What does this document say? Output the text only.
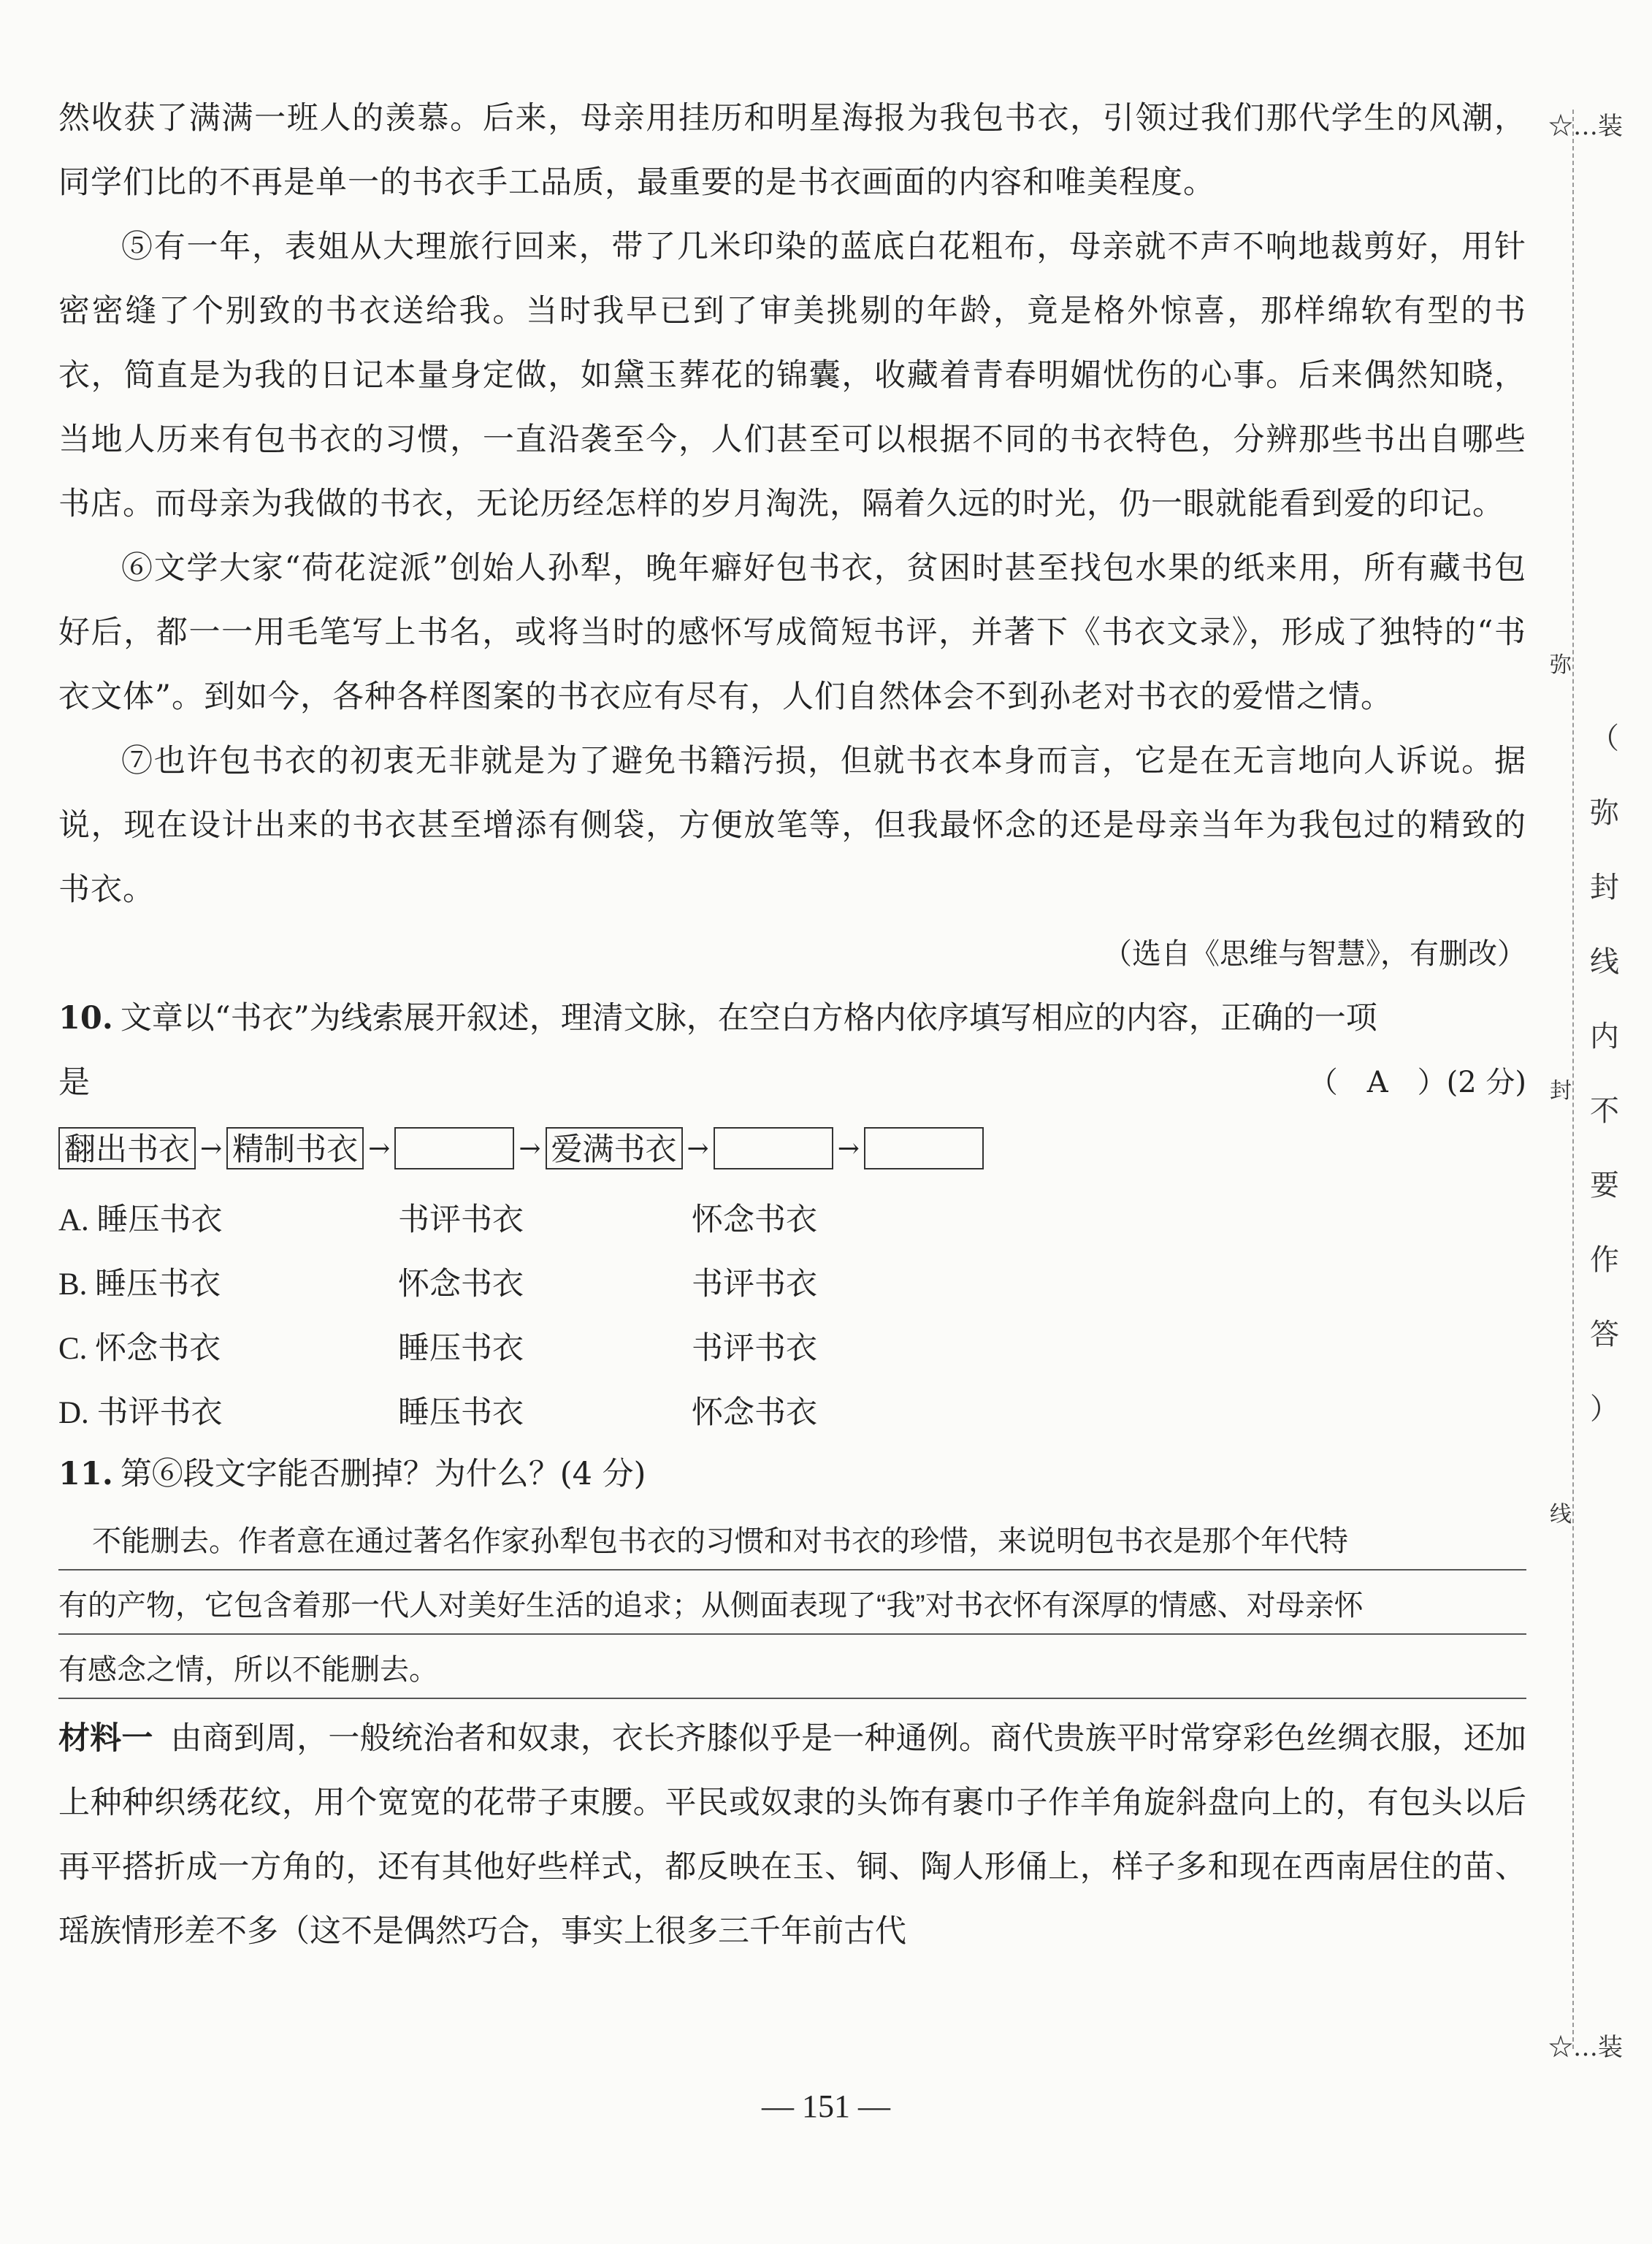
然收获了满满一班人的羡慕。后来，母亲用挂历和明星海报为我包书衣，引领过我们那代学生的风潮，同学们比的不再是单一的书衣手工品质，最重要的是书衣画面的内容和唯美程度。

⑤有一年，表姐从大理旅行回来，带了几米印染的蓝底白花粗布，母亲就不声不响地裁剪好，用针密密缝了个别致的书衣送给我。当时我早已到了审美挑剔的年龄，竟是格外惊喜，那样绵软有型的书衣，简直是为我的日记本量身定做，如黛玉葬花的锦囊，收藏着青春明媚忧伤的心事。后来偶然知晓，当地人历来有包书衣的习惯，一直沿袭至今，人们甚至可以根据不同的书衣特色，分辨那些书出自哪些书店。而母亲为我做的书衣，无论历经怎样的岁月淘洗，隔着久远的时光，仍一眼就能看到爱的印记。

⑥文学大家“荷花淀派”创始人孙犁，晚年癖好包书衣，贫困时甚至找包水果的纸来用，所有藏书包好后，都一一用毛笔写上书名，或将当时的感怀写成简短书评，并著下《书衣文录》，形成了独特的“书衣文体”。到如今，各种各样图案的书衣应有尽有，人们自然体会不到孙老对书衣的爱惜之情。

⑦也许包书衣的初衷无非就是为了避免书籍污损，但就书衣本身而言，它是在无言地向人诉说。据说，现在设计出来的书衣甚至增添有侧袋，方便放笔等，但我最怀念的还是母亲当年为我包过的精致的书衣。

（选自《思维与智慧》，有删改）

10. 文章以“书衣”为线索展开叙述，理清文脉，在空白方格内依序填写相应的内容，正确的一项

是	（　A　）(2 分)
翻出书衣 → 精制书衣 →	→ 爱满书衣 →	→
A. 睡压书衣	书评书衣	怀念书衣
B. 睡压书衣	怀念书衣	书评书衣
C. 怀念书衣	睡压书衣	书评书衣
D. 书评书衣	睡压书衣	怀念书衣

11. 第⑥段文字能否删掉？为什么？(4 分)

不能删去。作者意在通过著名作家孙犁包书衣的习惯和对书衣的珍惜，来说明包书衣是那个年代特
有的产物，它包含着那一代人对美好生活的追求；从侧面表现了“我”对书衣怀有深厚的情感、对母亲怀
有感念之情，所以不能删去。

材料一 由商到周，一般统治者和奴隶，衣长齐膝似乎是一种通例。商代贵族平时常穿彩色丝绸衣服，还加上种种织绣花纹，用个宽宽的花带子束腰。平民或奴隶的头饰有裹巾子作羊角旋斜盘向上的，有包头以后再平搭折成一方角的，还有其他好些样式，都反映在玉、铜、陶人形俑上，样子多和现在西南居住的苗、瑶族情形差不多（这不是偶然巧合，事实上很多三千年前古代

— 151 —
☆…装
☆…装
弥
封
线
（
弥
封
线
内
不
要
作
答
）
